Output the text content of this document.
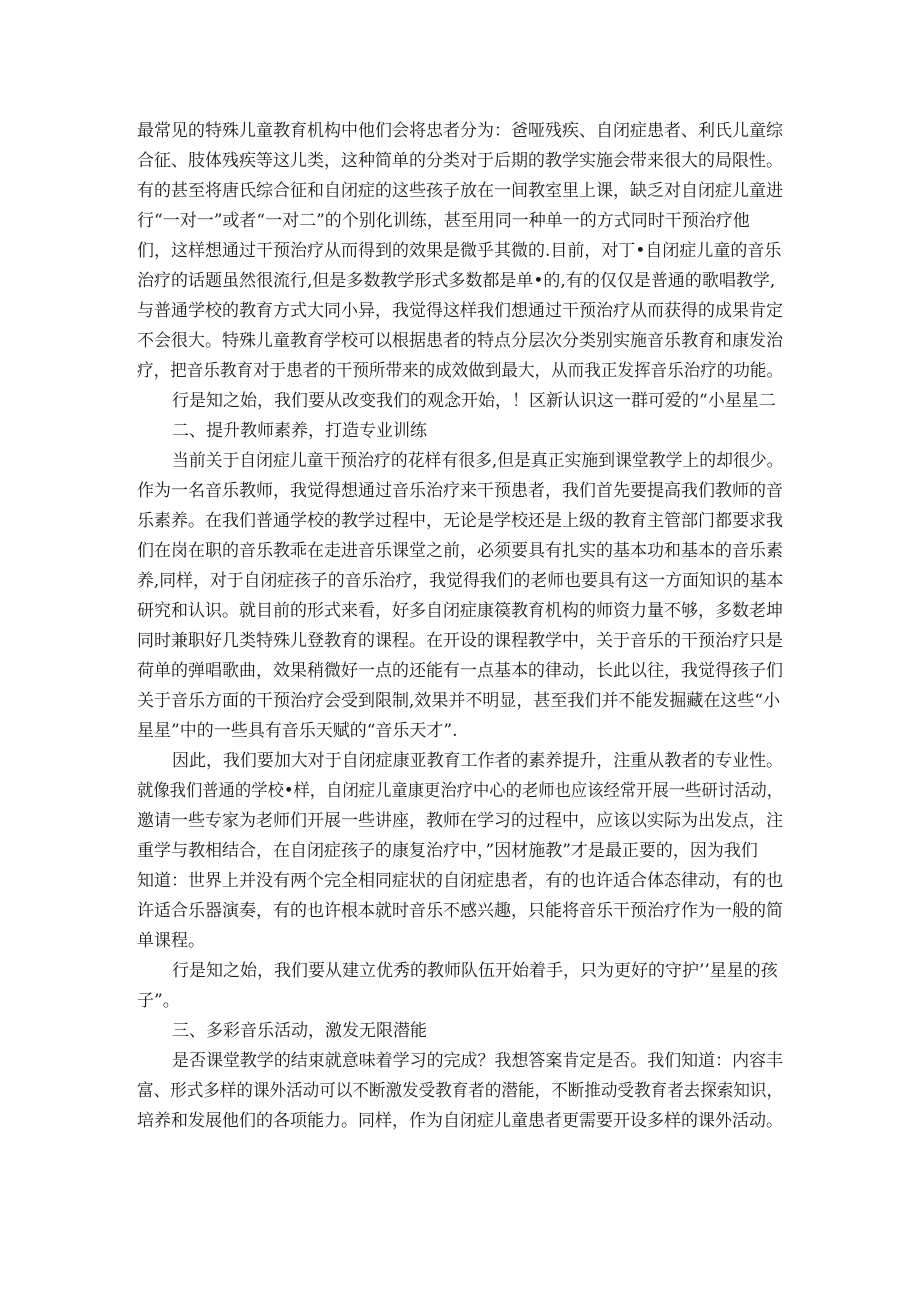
最常见的特殊儿童教育机构中他们会将忠者分为：爸哑残疾、自闭症患者、利氏儿童综
合征、肢体残疾等这儿类，这种简单的分类对于后期的教学实施会带来很大的局限性。
有的甚至将唐氏综合征和自闭症的这些孩子放在一间教室里上课，缺乏对自闭症儿童进
行“一对一”或者“一对二”的个别化训练，甚至用同一种单一的方式同时干预治疗他
们，这样想通过干预治疗从而得到的效果是微乎其微的.目前，对丁•自闭症儿童的音乐
治疗的话题虽然很流行,但是多数教学形式多数都是单•的,有的仅仅是普通的歌唱教学,
与普通学校的教育方式大同小异，我觉得这样我们想通过干预治疗从而获得的成果肯定
不会很大。特殊儿童教育学校可以根据患者的特点分层次分类别实施音乐教育和康发治
疗，把音乐教育对于患者的干预所带来的成效做到最大，从而我正发挥音乐治疗的功能。
行是知之始，我们要从改变我们的观念开始，！区新认识这一群可爱的“小星星二
二、提升教师素养，打造专业训练
当前关于自闭症儿童干预治疗的花样有很多,但是真正实施到课堂教学上的却很少。
作为一名音乐教师，我觉得想通过音乐治疗来干预患者，我们首先要提高我们教师的音
乐素养。在我们普通学校的教学过程中，无论是学校还是上级的教育主管部门都要求我
们在岗在职的音乐教乖在走进音乐课堂之前，必须要具有扎实的基本功和基本的音乐素
养,同样，对于自闭症孩子的音乐治疗，我觉得我们的老师也要具有这一方面知识的基本
研究和认识。就目前的形式来看，好多自闭症康篌教育机构的师资力量不够，多数老坤
同时兼职好几类特殊儿登教育的课程。在开设的课程教学中，关于音乐的干预治疗只是
荷单的弹唱歌曲，效果稍微好一点的还能有一点基本的律动，长此以往，我觉得孩子们
关于音乐方面的干预治疗会受到限制,效果并不明显，甚至我们并不能发掘藏在这些“小
星星”中的一些具有音乐天赋的“音乐天才”.
因此，我们要加大对于自闭症康亚教育工作者的素养提升，注重从教者的专业性。
就像我们普通的学校•样，自闭症儿童康更治疗中心的老师也应该经常开展一些研讨活动，
邀请一些专家为老师们开展一些讲座，教师在学习的过程中，应该以实际为出发点，注
重学与教相结合，在自闭症孩子的康复治疗中，”因材施教”才是最正要的，因为我们
知道：世界上并没有两个完全相同症状的自闭症患者，有的也许适合体态律动，有的也
许适合乐器演奏，有的也许根本就时音乐不感兴趣，只能将音乐干预治疗作为一般的简
单课程。
行是知之始，我们要从建立优秀的教师队伍开始着手，只为更好的守护’’星星的孩
子”。
三、多彩音乐活动，激发无限潜能
是否课堂教学的结束就意味着学习的完成？我想答案肯定是否。我们知道：内容丰
富、形式多样的课外活动可以不断激发受教育者的潜能，不断推动受教育者去探索知识，
培养和发展他们的各项能力。同样，作为自闭症儿童患者更需要开设多样的课外活动。
